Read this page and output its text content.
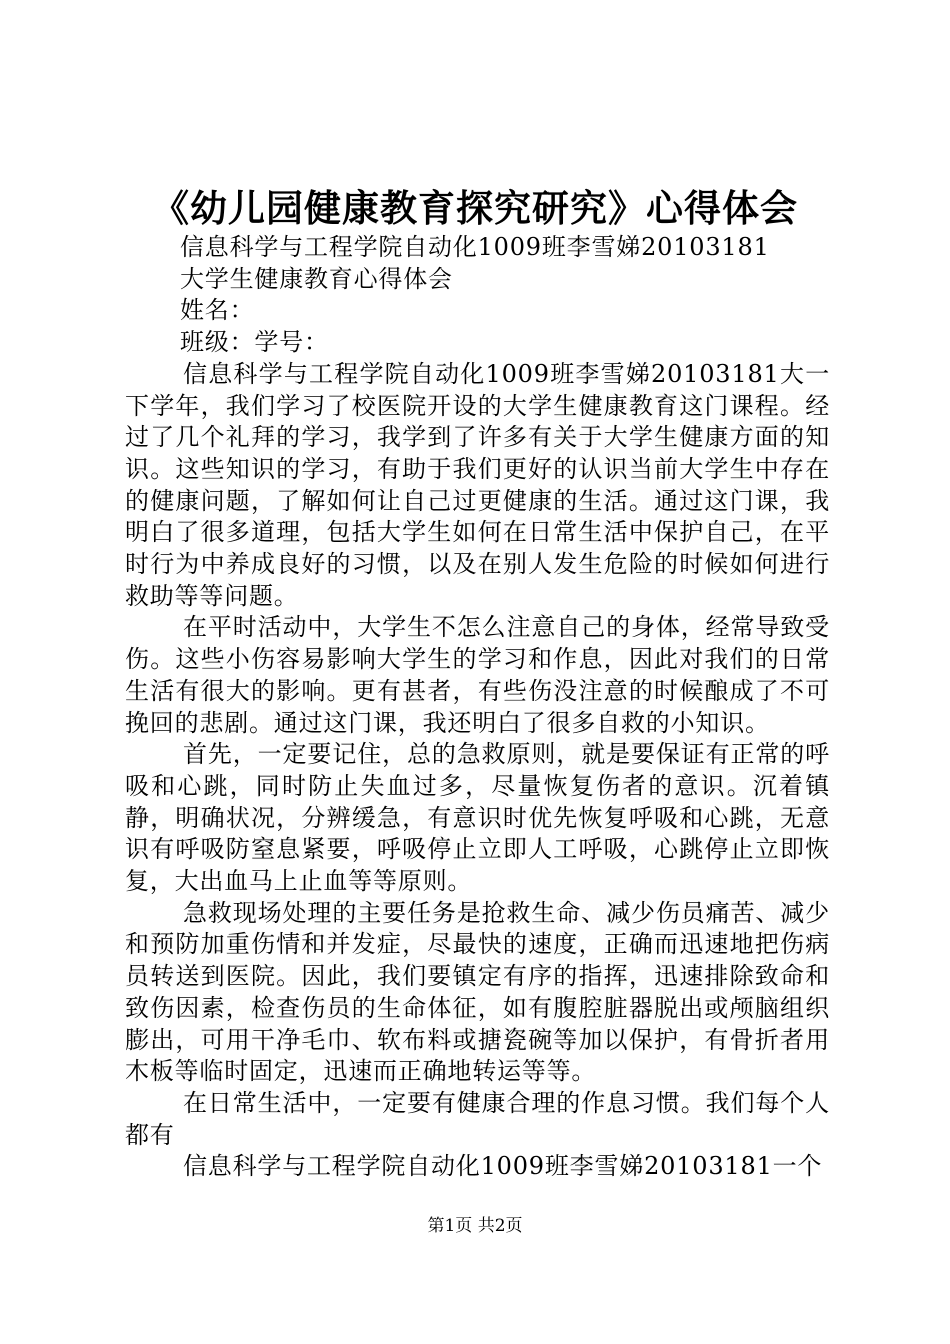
《幼儿园健康教育探究研究》心得体会

信息科学与工程学院自动化1009班李雪娣20103181

大学生健康教育心得体会

姓名：

班级：学号：

信息科学与工程学院自动化1009班李雪娣20103181大一下学年，我们学习了校医院开设的大学生健康教育这门课程。经过了几个礼拜的学习，我学到了许多有关于大学生健康方面的知识。这些知识的学习，有助于我们更好的认识当前大学生中存在的健康问题，了解如何让自己过更健康的生活。通过这门课，我明白了很多道理，包括大学生如何在日常生活中保护自己，在平时行为中养成良好的习惯，以及在别人发生危险的时候如何进行救助等等问题。

在平时活动中，大学生不怎么注意自己的身体，经常导致受伤。这些小伤容易影响大学生的学习和作息，因此对我们的日常生活有很大的影响。更有甚者，有些伤没注意的时候酿成了不可挽回的悲剧。通过这门课，我还明白了很多自救的小知识。

首先，一定要记住，总的急救原则，就是要保证有正常的呼吸和心跳，同时防止失血过多，尽量恢复伤者的意识。沉着镇静，明确状况，分辨缓急，有意识时优先恢复呼吸和心跳，无意识有呼吸防窒息紧要，呼吸停止立即人工呼吸，心跳停止立即恢复，大出血马上止血等等原则。

急救现场处理的主要任务是抢救生命、减少伤员痛苦、减少和预防加重伤情和并发症，尽最快的速度，正确而迅速地把伤病员转送到医院。因此，我们要镇定有序的指挥，迅速排除致命和致伤因素，检查伤员的生命体征，如有腹腔脏器脱出或颅脑组织膨出，可用干净毛巾、软布料或搪瓷碗等加以保护，有骨折者用木板等临时固定，迅速而正确地转运等等。

在日常生活中，一定要有健康合理的作息习惯。我们每个人都有

信息科学与工程学院自动化1009班李雪娣20103181一个

第1页 共2页
